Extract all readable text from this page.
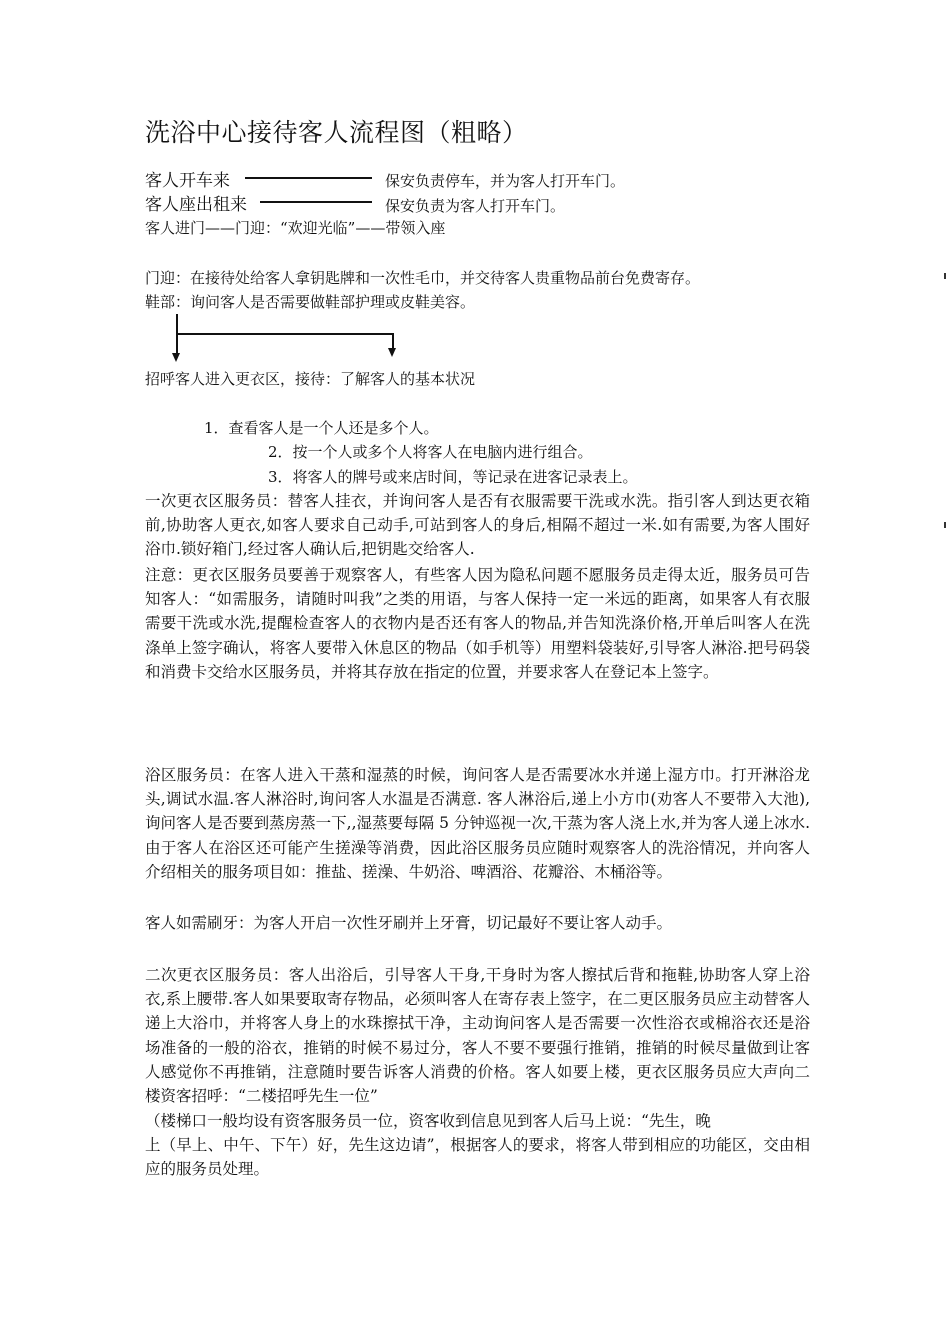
洗浴中心接待客人流程图（粗略）
客人开车来	保安负责停车，并为客人打开车门。
客人座出租来	保安负责为客人打开车门。
客人进门——门迎：“欢迎光临”——带领入座
门迎：在接待处给客人拿钥匙牌和一次性毛巾，并交待客人贵重物品前台免费寄存。
鞋部：询问客人是否需要做鞋部护理或皮鞋美容。
招呼客人进入更衣区，接待：了解客人的基本状况
1．查看客人是一个人还是多个人。
2．按一个人或多个人将客人在电脑内进行组合。
3．将客人的牌号或来店时间，等记录在进客记录表上。
一次更衣区服务员：替客人挂衣，并询问客人是否有衣服需要干洗或水洗。指引客人到达更衣箱前,协助客人更衣,如客人要求自己动手,可站到客人的身后,相隔不超过一米.如有需要,为客人围好浴巾.锁好箱门,经过客人确认后,把钥匙交给客人.
注意：更衣区服务员要善于观察客人，有些客人因为隐私问题不愿服务员走得太近，服务员可告知客人：“如需服务，请随时叫我”之类的用语，与客人保持一定一米远的距离，如果客人有衣服需要干洗或水洗,提醒检查客人的衣物内是否还有客人的物品,并告知洗涤价格,开单后叫客人在洗涤单上签字确认，将客人要带入休息区的物品（如手机等）用塑料袋装好,引导客人淋浴.把号码袋和消费卡交给水区服务员，并将其存放在指定的位置，并要求客人在登记本上签字。
浴区服务员：在客人进入干蒸和湿蒸的时候，询问客人是否需要冰水并递上湿方巾。打开淋浴龙头,调试水温.客人淋浴时,询问客人水温是否满意. 客人淋浴后,递上小方巾(劝客人不要带入大池),询问客人是否要到蒸房蒸一下,,湿蒸要每隔 5 分钟巡视一次,干蒸为客人浇上水,并为客人递上冰水.由于客人在浴区还可能产生搓澡等消费，因此浴区服务员应随时观察客人的洗浴情况，并向客人介绍相关的服务项目如：推盐、搓澡、牛奶浴、啤酒浴、花瓣浴、木桶浴等。
客人如需刷牙：为客人开启一次性牙刷并上牙膏，切记最好不要让客人动手。
二次更衣区服务员：客人出浴后，引导客人干身,干身时为客人擦拭后背和拖鞋,协助客人穿上浴衣,系上腰带.客人如果要取寄存物品，必须叫客人在寄存表上签字，在二更区服务员应主动替客人递上大浴巾，并将客人身上的水珠擦拭干净，主动询问客人是否需要一次性浴衣或棉浴衣还是浴场准备的一般的浴衣，推销的时候不易过分，客人不要不要强行推销，推销的时候尽量做到让客人感觉你不再推销，注意随时要告诉客人消费的价格。客人如要上楼，更衣区服务员应大声向二楼资客招呼：“二楼招呼先生一位”
（楼梯口一般均设有资客服务员一位，资客收到信息见到客人后马上说：“先生，晚
上（早上、中午、下午）好，先生这边请”，根据客人的要求，将客人带到相应的功能区，交由相应的服务员处理。
